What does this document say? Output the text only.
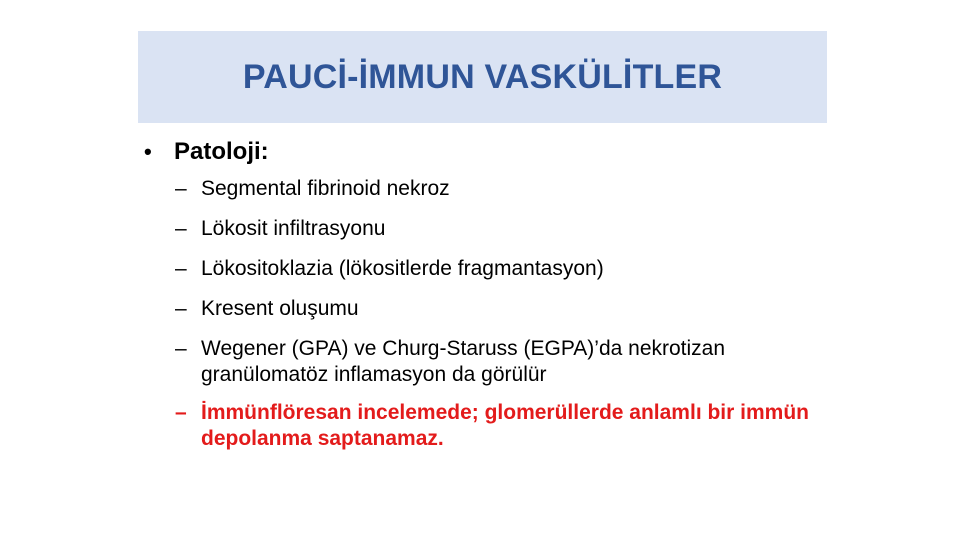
PAUCİ-İMMUN VASKÜLİTLER
• Patoloji:
– Segmental fibrinoid nekroz
– Lökosit infiltrasyonu
– Lökositoklazia (lökositlerde fragmantasyon)
– Kresent oluşumu
– Wegener (GPA) ve Churg-Staruss (EGPA)’da nekrotizan granülomatöz inflamasyon da görülür
– İmmünflöresan incelemede; glomerüllerde anlamlı bir immün depolanma saptanamaz.
